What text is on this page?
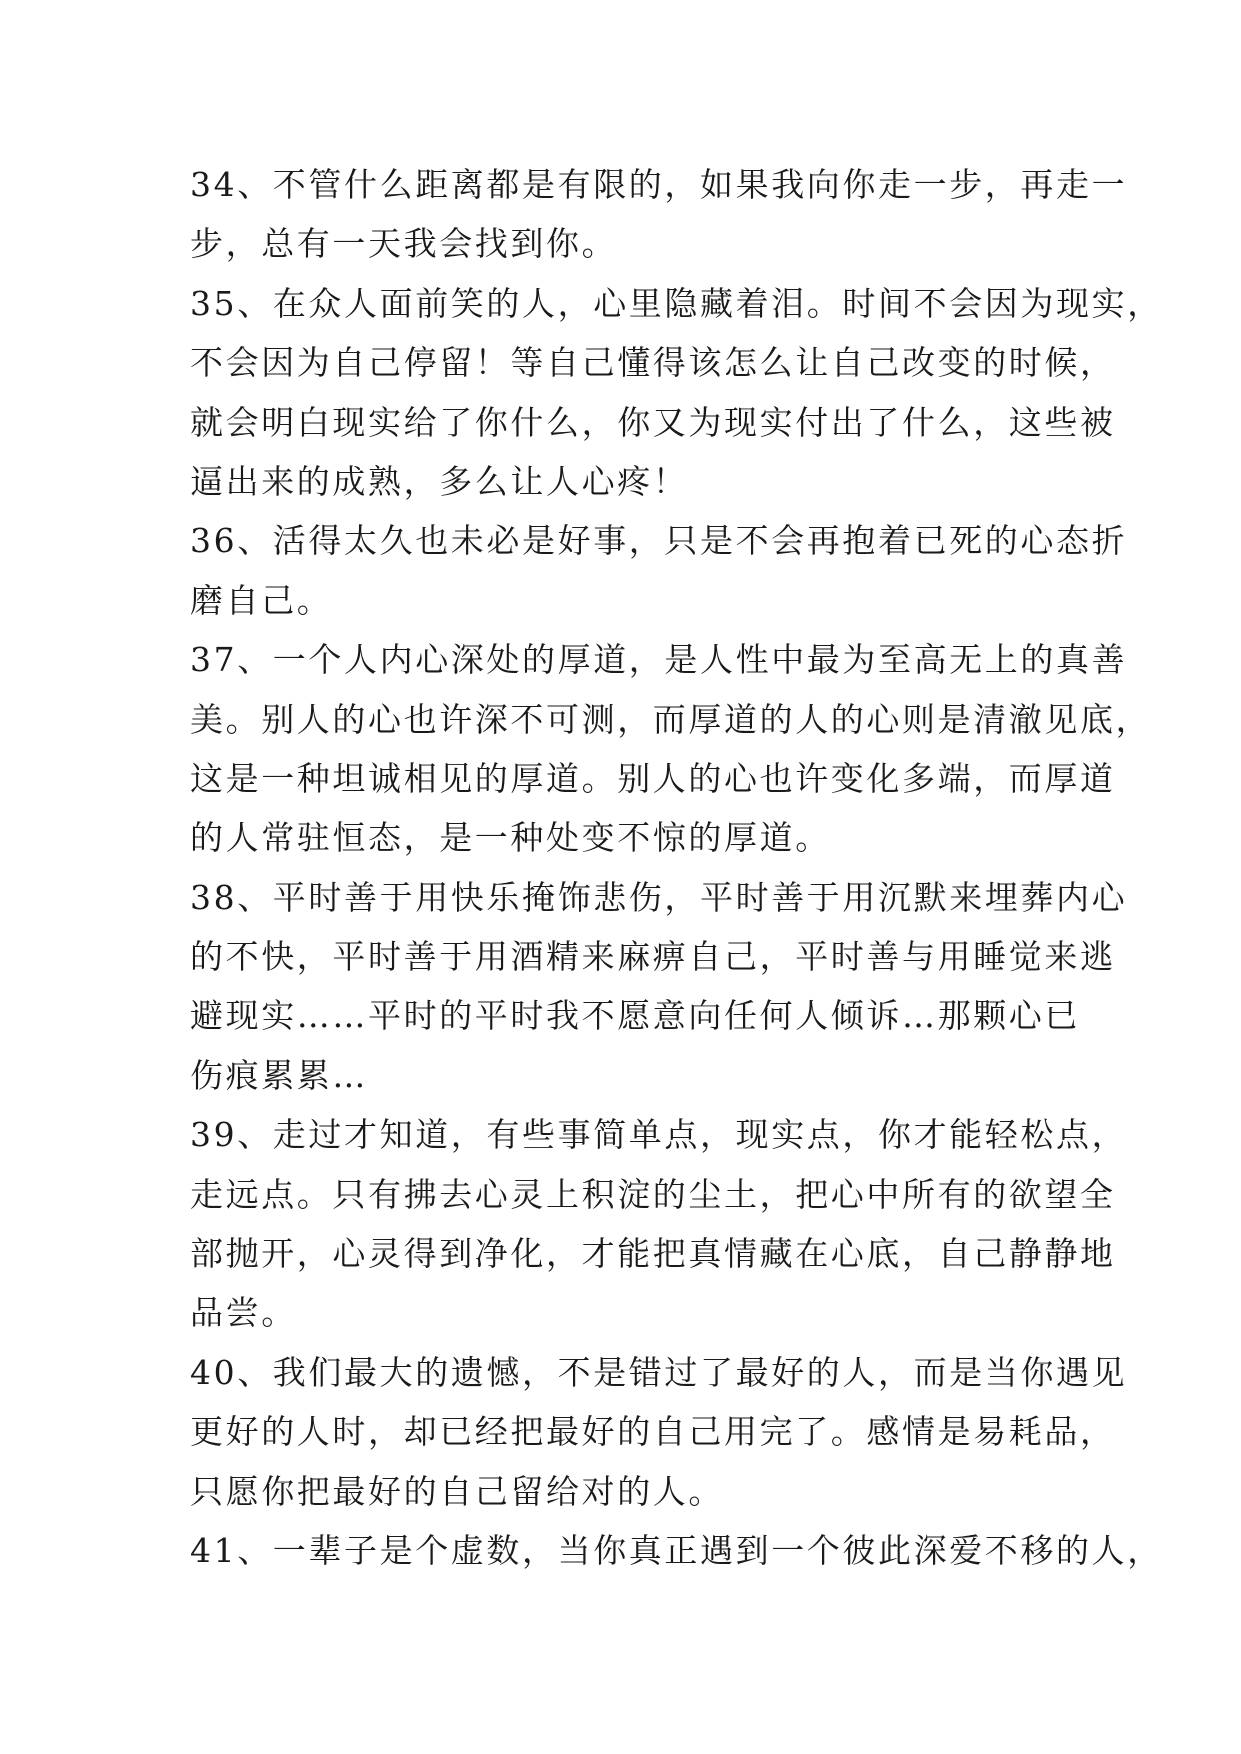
34、不管什么距离都是有限的，如果我向你走一步，再走一
步，总有一天我会找到你。

35、在众人面前笑的人，心里隐藏着泪。时间不会因为现实，
不会因为自己停留！等自己懂得该怎么让自己改变的时候，
就会明白现实给了你什么，你又为现实付出了什么，这些被
逼出来的成熟，多么让人心疼！

36、活得太久也未必是好事，只是不会再抱着已死的心态折
磨自己。

37、一个人内心深处的厚道，是人性中最为至高无上的真善
美。别人的心也许深不可测，而厚道的人的心则是清澈见底，
这是一种坦诚相见的厚道。别人的心也许变化多端，而厚道
的人常驻恒态，是一种处变不惊的厚道。

38、平时善于用快乐掩饰悲伤，平时善于用沉默来埋葬内心
的不快，平时善于用酒精来麻痹自己，平时善与用睡觉来逃
避现实……平时的平时我不愿意向任何人倾诉…那颗心已
伤痕累累…

39、走过才知道，有些事简单点，现实点，你才能轻松点，
走远点。只有拂去心灵上积淀的尘土，把心中所有的欲望全
部抛开，心灵得到净化，才能把真情藏在心底，自己静静地
品尝。

40、我们最大的遗憾，不是错过了最好的人，而是当你遇见
更好的人时，却已经把最好的自己用完了。感情是易耗品，
只愿你把最好的自己留给对的人。

41、一辈子是个虚数，当你真正遇到一个彼此深爱不移的人，
